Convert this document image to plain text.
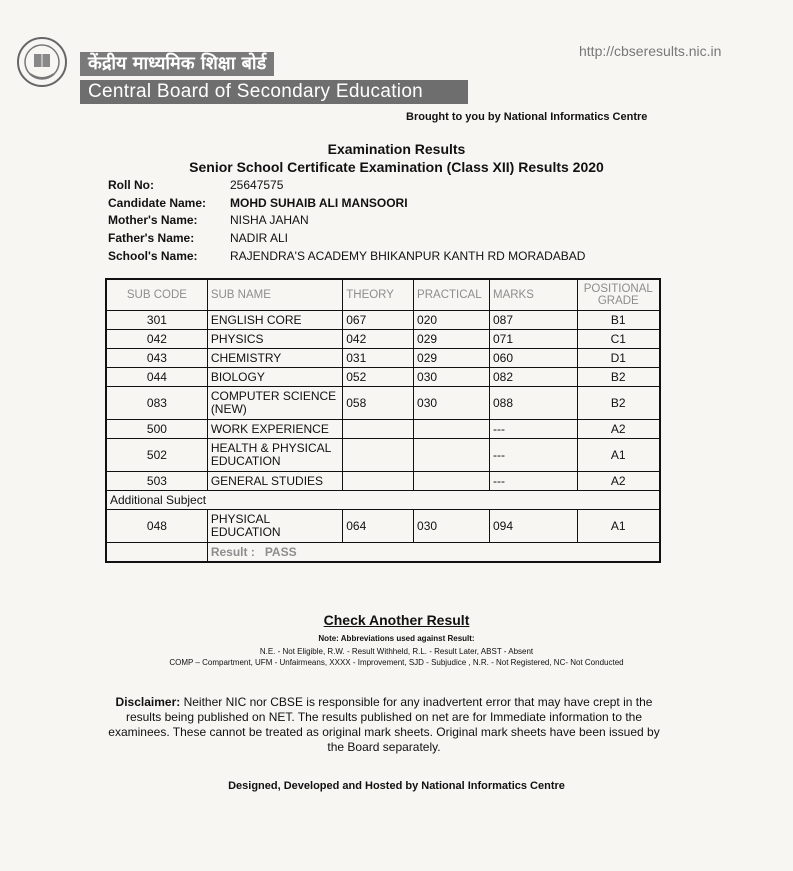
केंद्रीय माध्यमिक शिक्षा बोर्ड
Central Board of Secondary Education
http://cbseresults.nic.in
Brought to you by National Informatics Centre
Examination Results
Senior School Certificate Examination (Class XII) Results 2020
Roll No:	25647575
Candidate Name: MOHD SUHAIB ALI MANSOORI
Mother's Name:	NISHA JAHAN
Father's Name:	NADIR ALI
School's Name:	RAJENDRA'S ACADEMY BHIKANPUR KANTH RD MORADABAD
SUB CODE	SUB NAME	THEORY	PRACTICAL	MARKS	POSITIONAL GRADE
301	ENGLISH CORE	067	020	087	B1
042	PHYSICS	042	029	071	C1
043	CHEMISTRY	031	029	060	D1
044	BIOLOGY	052	030	082	B2
083	COMPUTER SCIENCE (NEW)	058	030	088	B2
500	WORK EXPERIENCE			---	A2
502	HEALTH & PHYSICAL EDUCATION			---	A1
503	GENERAL STUDIES			---	A2
Additional Subject					
048	PHYSICAL EDUCATION	064	030	094	A1
	Result :   PASS				
Check Another Result
Note: Abbreviations used against Result:
N.E. - Not Eligible, R.W. - Result Withheld, R.L. - Result Later, ABST - Absent
COMP – Compartment, UFM - Unfairmeans, XXXX - Improvement, SJD - Subjudice , N.R. - Not Registered, NC- Not Conducted
Disclaimer: Neither NIC nor CBSE is responsible for any inadvertent error that may have crept in the results being published on NET. The results published on net are for Immediate information to the examinees. These cannot be treated as original mark sheets. Original mark sheets have been issued by the Board separately.
Designed, Developed and Hosted by National Informatics Centre
